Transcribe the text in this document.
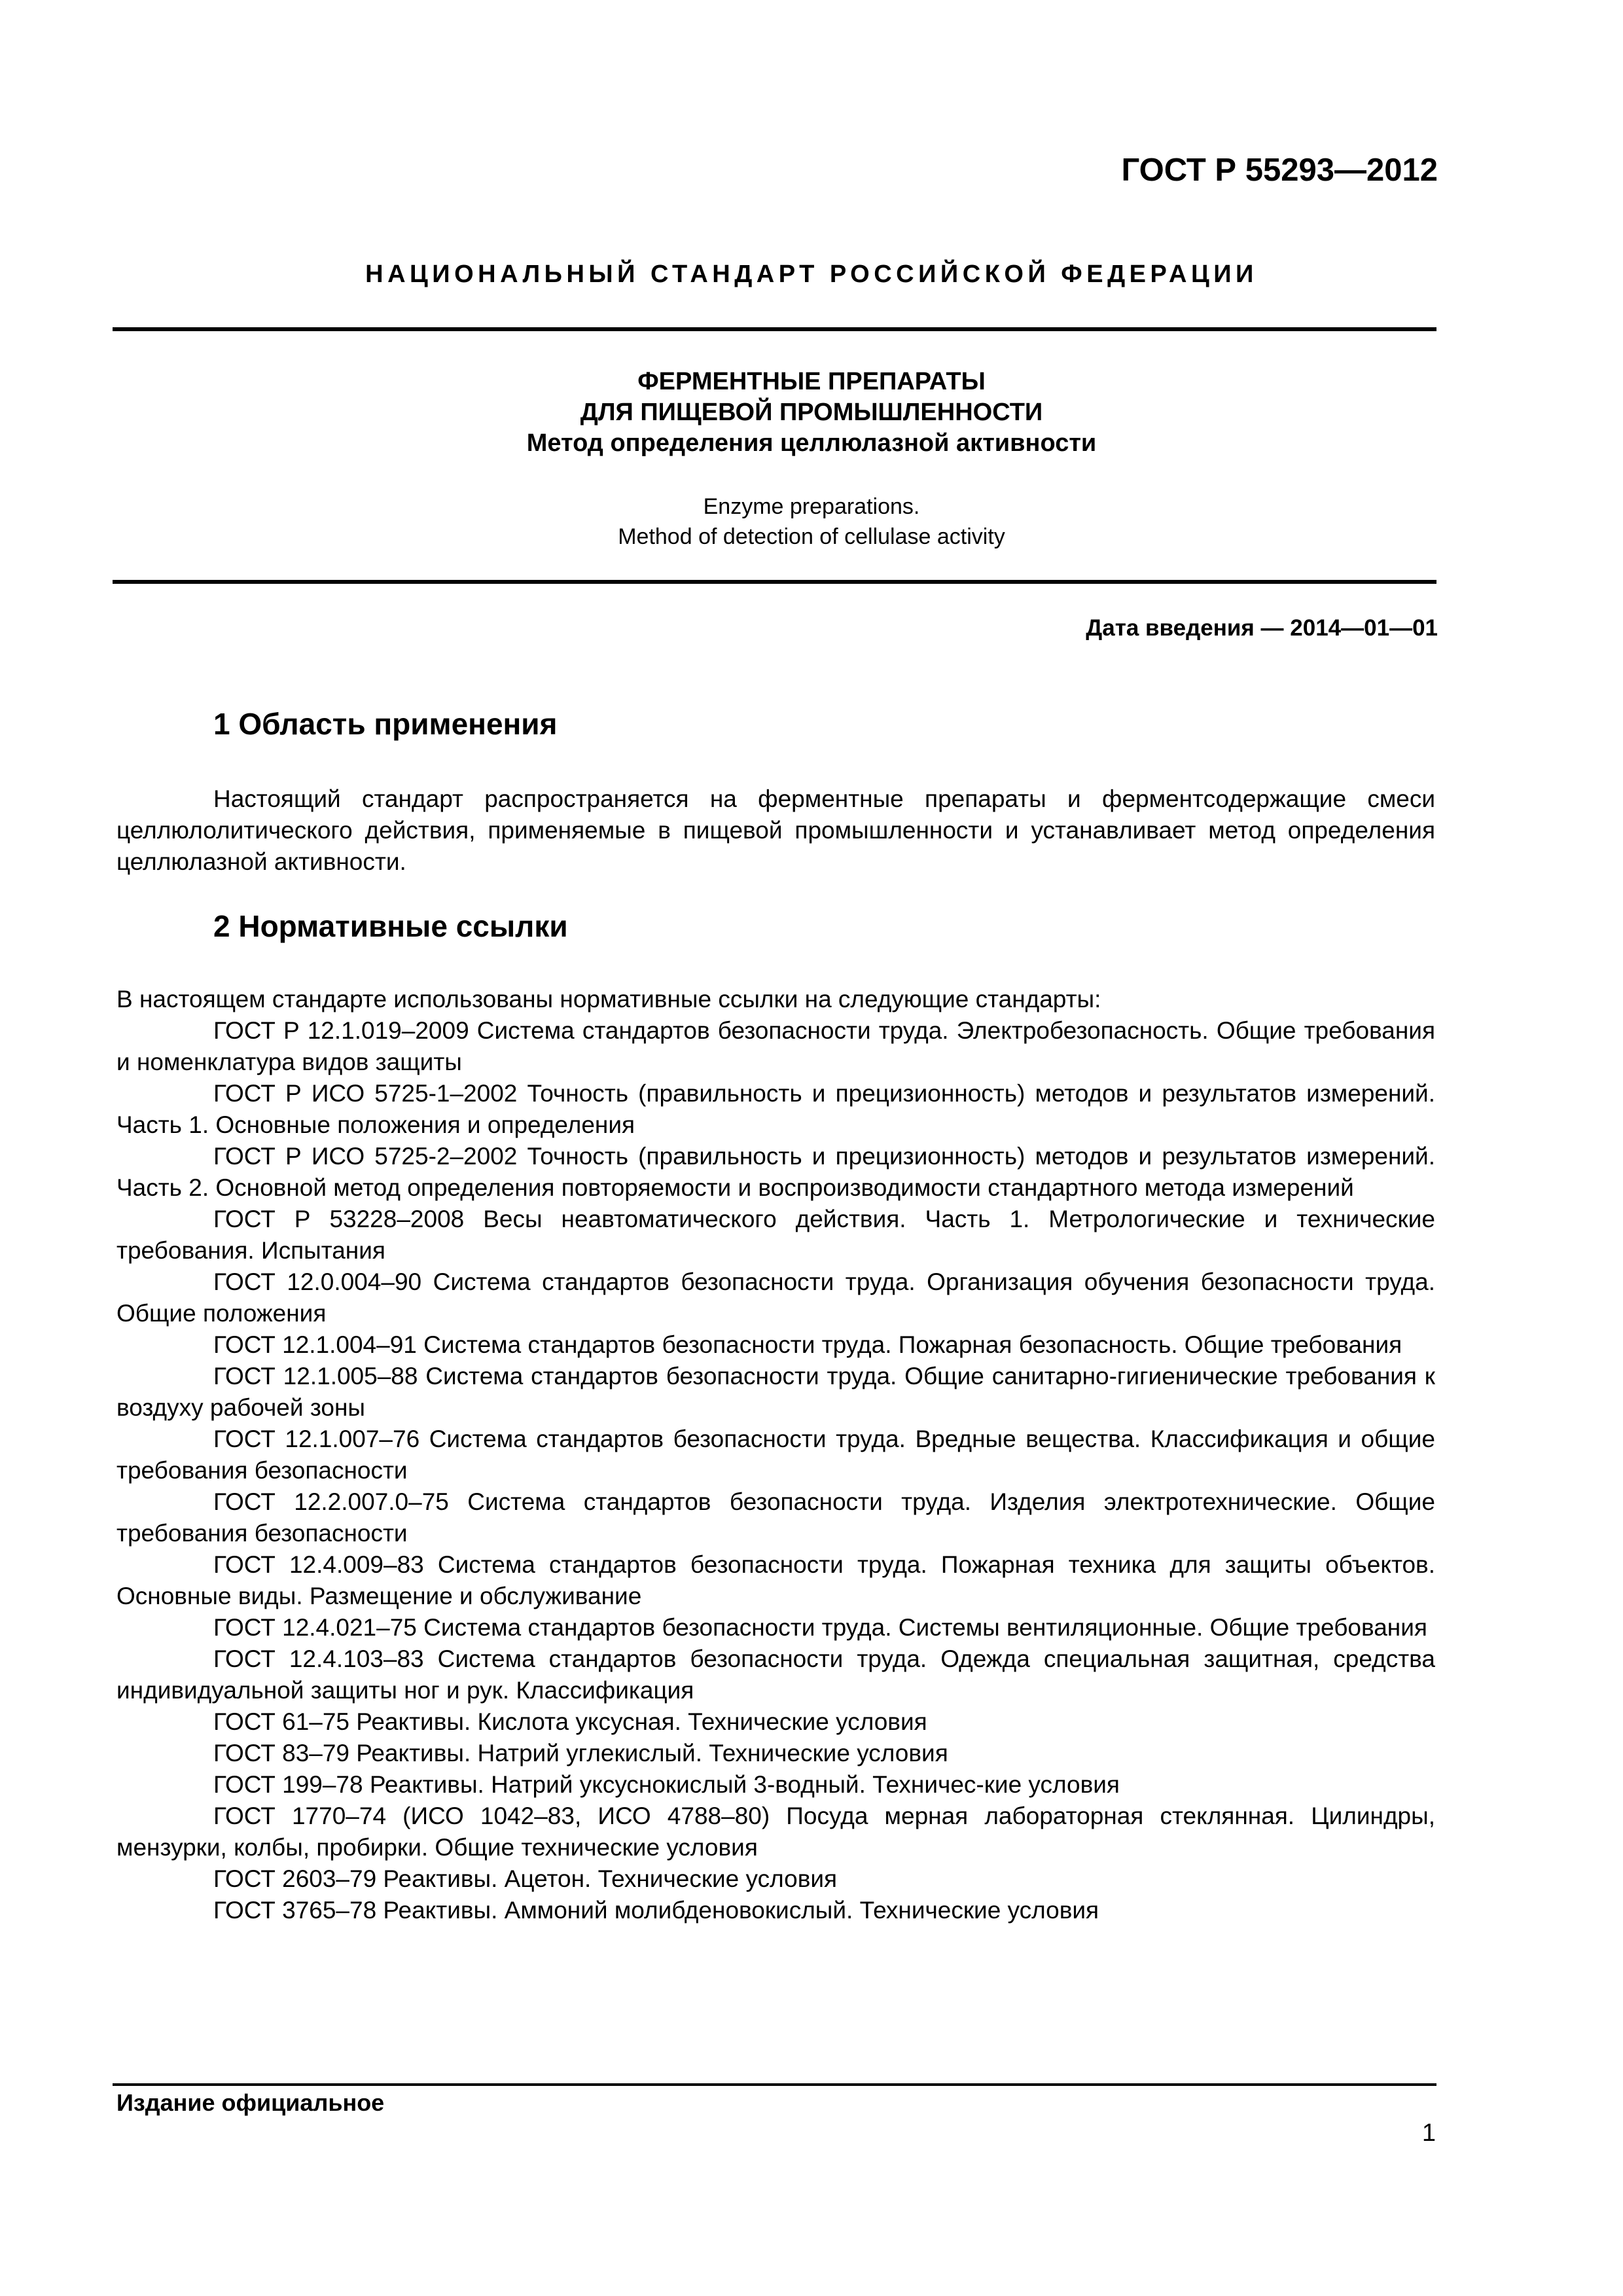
ГОСТ Р 55293—2012
НАЦИОНАЛЬНЫЙ СТАНДАРТ РОССИЙСКОЙ ФЕДЕРАЦИИ
ФЕРМЕНТНЫЕ ПРЕПАРАТЫ
ДЛЯ ПИЩЕВОЙ ПРОМЫШЛЕННОСТИ
Метод определения целлюлазной активности
Enzyme preparations.
Method of detection of cellulase activity
Дата введения — 2014—01—01
1 Область применения
Настоящий стандарт распространяется на ферментные препараты и ферментсодержащие смеси целлюлолитического действия, применяемые в пищевой промышленности и устанавливает метод определения целлюлазной активности.
2 Нормативные ссылки

В настоящем стандарте использованы нормативные ссылки на следующие стандарты:

ГОСТ Р 12.1.019–2009 Система стандартов безопасности труда. Электробезопасность. Общие требования и номенклатура видов защиты

ГОСТ Р ИСО 5725-1–2002 Точность (правильность и прецизионность) методов и результатов измерений. Часть 1. Основные положения и определения

ГОСТ Р ИСО 5725-2–2002 Точность (правильность и прецизионность) методов и результатов измерений. Часть 2. Основной метод определения повторяемости и воспроизводимости стандартного метода измерений

ГОСТ Р 53228–2008 Весы неавтоматического действия. Часть 1. Метрологические и технические требования. Испытания

ГОСТ 12.0.004–90 Система стандартов безопасности труда. Организация обучения безопасности труда. Общие положения

ГОСТ 12.1.004–91 Система стандартов безопасности труда. Пожарная безопасность. Общие требования

ГОСТ 12.1.005–88 Система стандартов безопасности труда. Общие санитарно-гигиенические требования к воздуху рабочей зоны

ГОСТ 12.1.007–76 Система стандартов безопасности труда. Вредные вещества. Классификация и общие требования безопасности

ГОСТ 12.2.007.0–75 Система стандартов безопасности труда. Изделия электротехнические. Общие требования безопасности

ГОСТ 12.4.009–83 Система стандартов безопасности труда. Пожарная техника для защиты объектов. Основные виды. Размещение и обслуживание

ГОСТ 12.4.021–75 Система стандартов безопасности труда. Системы вентиляционные. Общие требования

ГОСТ 12.4.103–83 Система стандартов безопасности труда. Одежда специальная защитная, средства индивидуальной защиты ног и рук. Классификация

ГОСТ 61–75 Реактивы. Кислота уксусная. Технические условия

ГОСТ 83–79 Реактивы. Натрий углекислый. Технические условия

ГОСТ 199–78 Реактивы. Натрий уксуснокислый 3-водный. Техничес-кие условия

ГОСТ 1770–74 (ИСО 1042–83, ИСО 4788–80) Посуда мерная лабораторная стеклянная. Цилиндры, мензурки, колбы, пробирки. Общие технические условия

ГОСТ 2603–79 Реактивы. Ацетон. Технические условия

ГОСТ 3765–78 Реактивы. Аммоний молибденовокислый. Технические условия

Издание официальное
1
